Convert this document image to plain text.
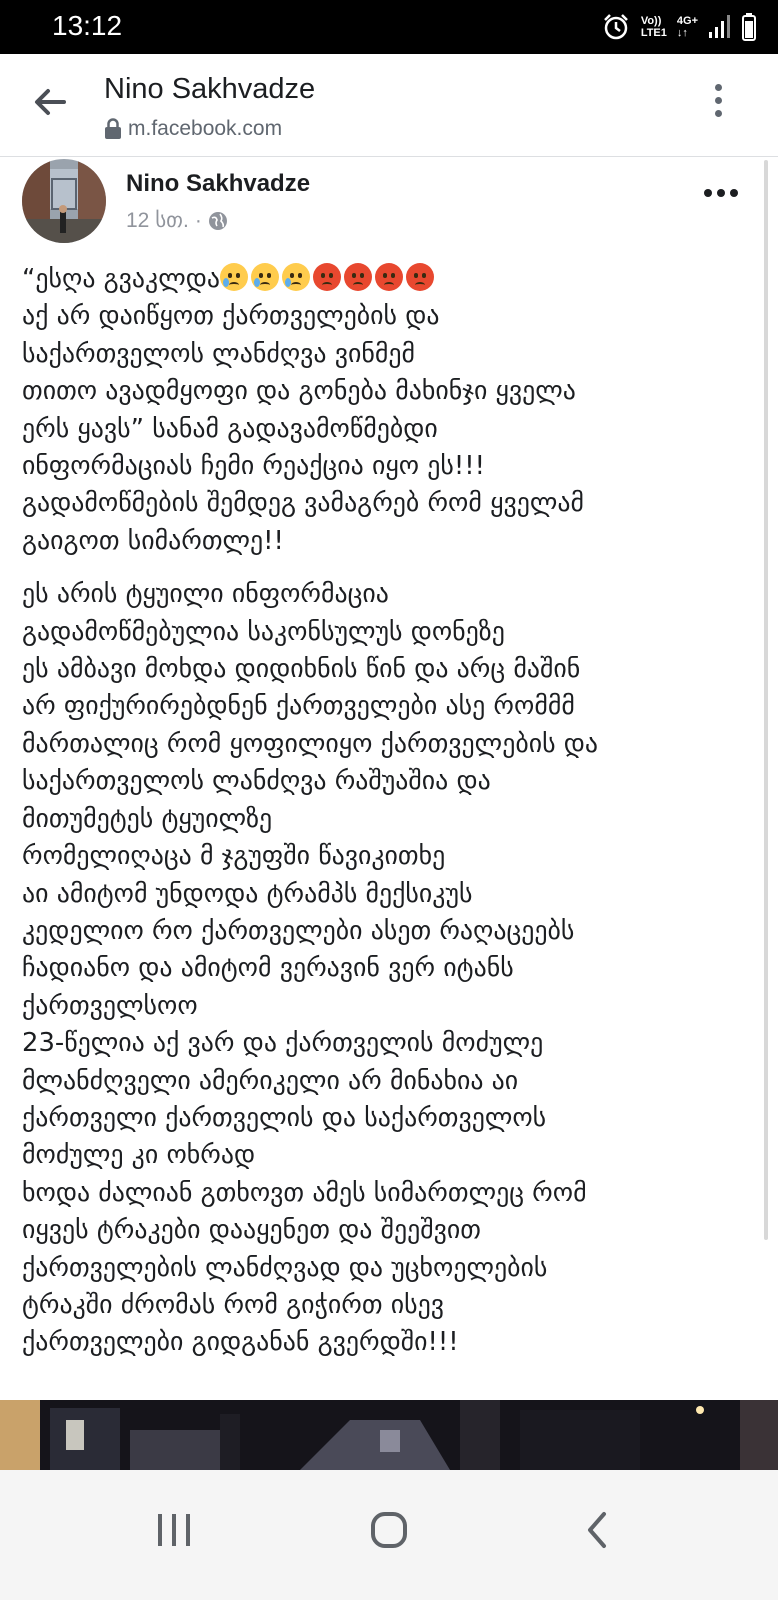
13:12	Vo))
LTE1
4G+
↓↑
Nino Sakhvadze
m.facebook.com
Nino Sakhvadze
12 სთ. ·
“ესღა გვაკლდა
აქ არ დაიწყოთ ქართველების და
საქართველოს ლანძღვა ვინმემ
თითო ავადმყოფი და გონება მახინჯი ყველა
ერს ყავს” სანამ გადავამოწმებდი
ინფორმაციას ჩემი რეაქცია იყო ეს!!!
გადამოწმების შემდეგ ვამაგრებ რომ ყველამ
გაიგოთ სიმართლე!!
ეს არის ტყუილი ინფორმაცია
გადამოწმებულია საკონსულუს დონეზე
ეს ამბავი მოხდა დიდიხნის წინ და არც მაშინ
არ ფიქურირებდნენ ქართველები ასე რომმმ
მართალიც რომ ყოფილიყო ქართველების და
საქართველოს ლანძღვა რაშუაშია და
მითუმეტეს ტყუილზე
რომელიღაცა მ ჯგუფში წავიკითხე
აი ამიტომ უნდოდა ტრამპს მექსიკუს
კედელიო რო ქართველები ასეთ რაღაცეებს
ჩადიანო და ამიტომ ვერავინ ვერ იტანს
ქართველსოო
23-წელია აქ ვარ და ქართველის მოძულე
მლანძღველი ამერიკელი არ მინახია აი
ქართველი ქართველის და საქართველოს
მოძულე კი ოხრად
ხოდა ძალიან გთხოვთ ამეს სიმართლეც რომ
იყვეს ტრაკები დააყენეთ და შეეშვით
ქართველების ლანძღვად და უცხოელების
ტრაკში ძრომას რომ გიჭირთ ისევ
ქართველები გიდგანან გვერდში!!!
